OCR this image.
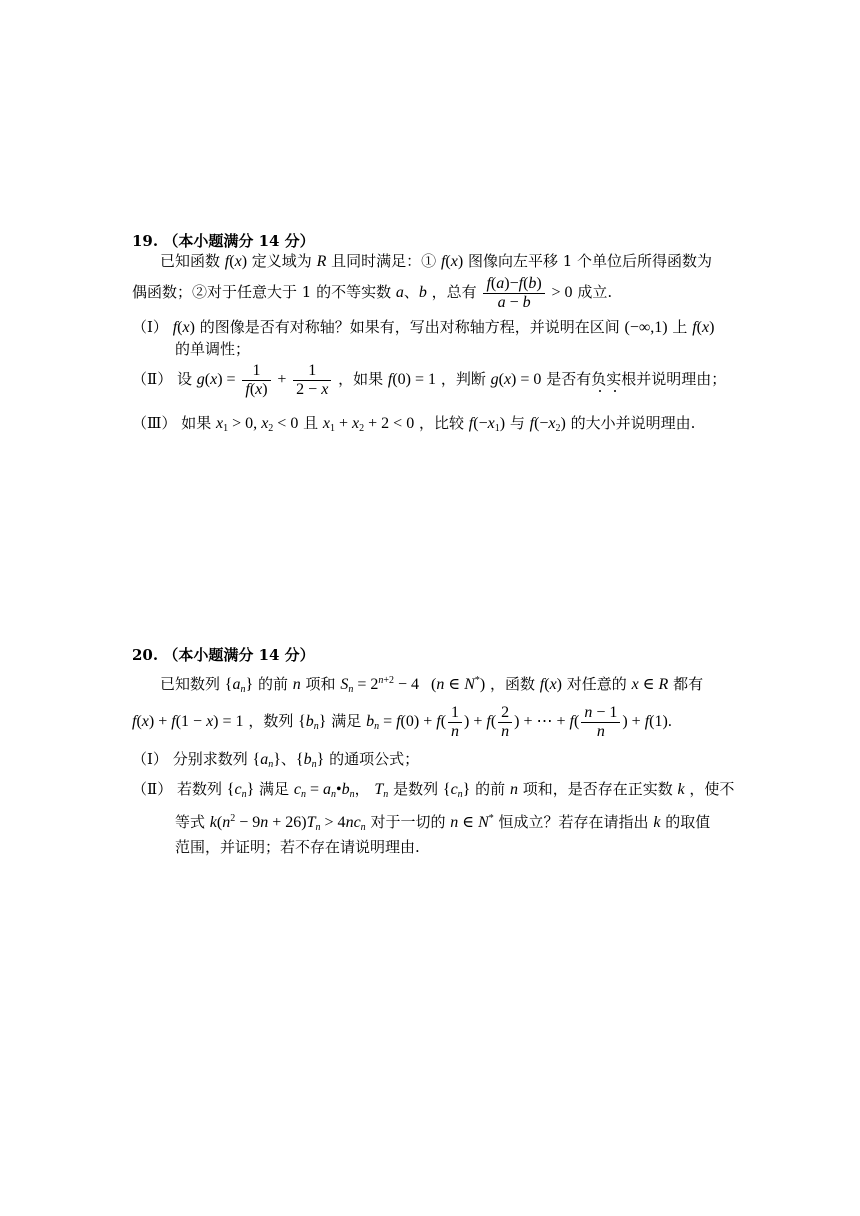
19. （本小题满分 14 分）
已知函数 f(x) 定义域为 R 且同时满足：① f(x) 图像向左平移 1 个单位后所得函数为
偶函数；②对于任意大于 1 的不等实数 a、b ，总有 $\frac{f(a)-f(b)}{a - b} > 0$ 成立.
（Ⅰ） f(x) 的图像是否有对称轴？如果有，写出对称轴方程，并说明在区间 (−∞,1) 上 f(x)
的单调性；
（Ⅱ） 设 $g(x) = \frac{1}{f(x)} + \frac{1}{2 - x}$ ，如果 f(0) = 1 ，判断 g(x) = 0 是否有负实根并说明理由；
（Ⅲ） 如果 $x_1 > 0$, $x_2 < 0$ 且 $x_1 + x_2 + 2 < 0$ ，比较 $f(-x_1)$ 与 $f(-x_2)$ 的大小并说明理由.
20. （本小题满分 14 分）
已知数列 $\{a_n\}$ 的前 n 项和 $S_n = 2^{n+2} - 4$   (n ∈ N*) ，函数 f(x) 对任意的 x ∈ R 都有
f(x) + f(1 − x) = 1 ，数列 $\{b_n\}$ 满足 $b_n = f(0) + f( \frac{1}{n}$ ) + $f( \frac{2}{n}$ ) + ⋯ + $f( \frac{n - 1}{n}$ ) + f(1).
（Ⅰ） 分别求数列 $\{a_n\}$、$\{b_n\}$ 的通项公式；
（Ⅱ） 若数列 $\{c_n\}$ 满足 $c_n$ = $a_n•b_n$， $T_n$ 是数列 $\{c_n\}$ 的前 n 项和，是否存在正实数 k ，使不
等式 $k(n^2 - 9n + 26)T_n > 4nc_n$ 对于一切的 n ∈ N* 恒成立？若存在请指出 k 的取值
范围，并证明；若不存在请说明理由.
